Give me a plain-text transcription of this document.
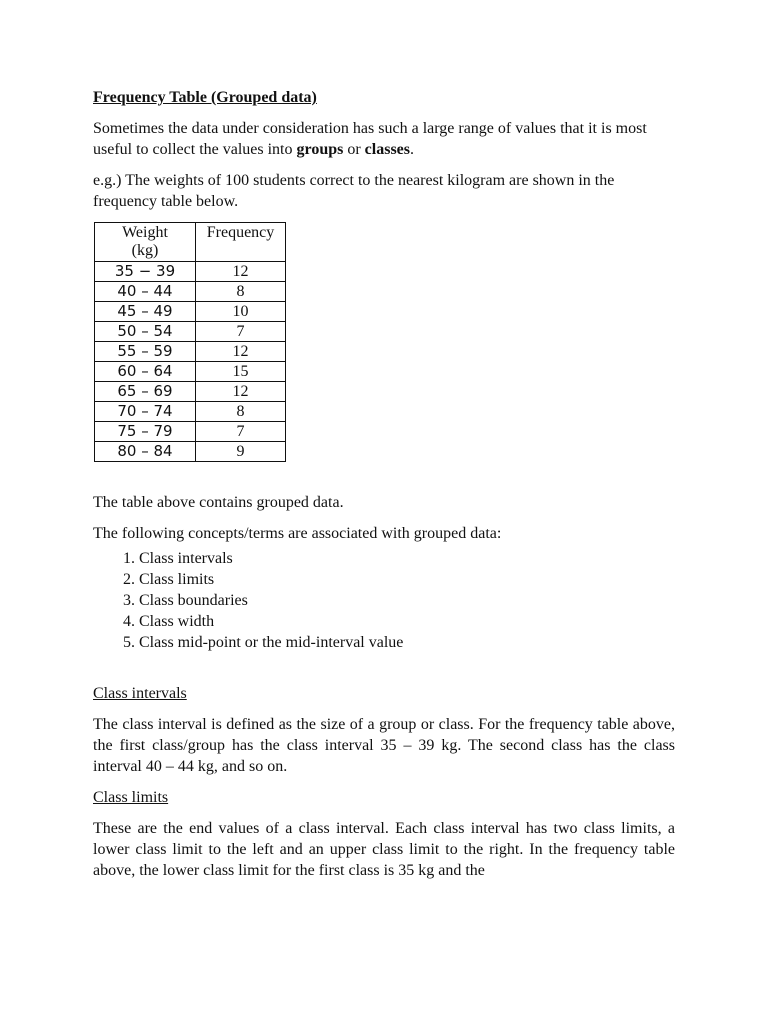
Frequency Table (Grouped data)

Sometimes the data under consideration has such a large range of values that it is most useful to collect the values into groups or classes.

e.g.) The weights of 100 students correct to the nearest kilogram are shown in the frequency table below.

Weight
(kg)	Frequency
35 − 39	12
40 – 44	8
45 – 49	10
50 – 54	7
55 – 59	12
60 – 64	15
65 – 69	12
70 – 74	8
75 – 79	7
80 – 84	9

The table above contains grouped data.

The following concepts/terms are associated with grouped data:

1. Class intervals
2. Class limits
3. Class boundaries
4. Class width
5. Class mid-point or the mid-interval value
Class intervals

The class interval is defined as the size of a group or class. For the frequency table above, the first class/group has the class interval 35 – 39 kg. The second class has the class interval 40 – 44 kg, and so on.

Class limits

These are the end values of a class interval. Each class interval has two class limits, a lower class limit to the left and an upper class limit to the right. In the frequency table above, the lower class limit for the first class is 35 kg and the
